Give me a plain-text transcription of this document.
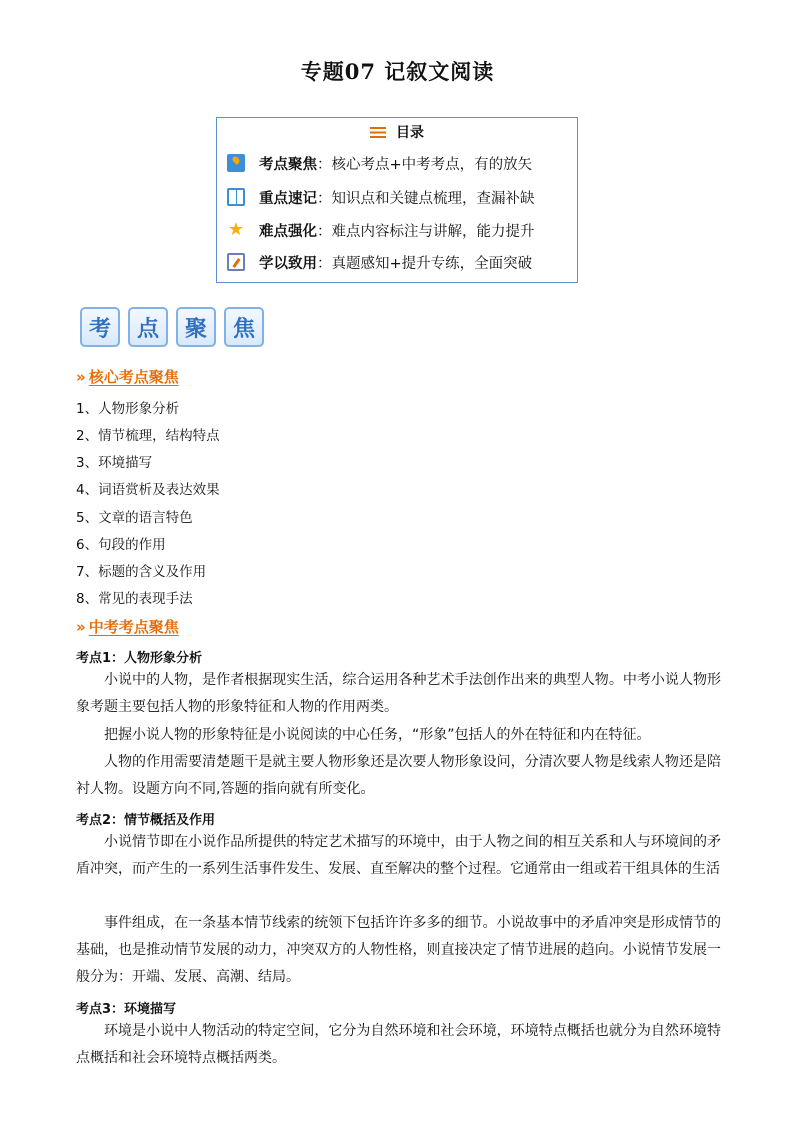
专题07 记叙文阅读
目录
考点聚焦 ： 核心考点+中考考点，有的放矢
重点速记 ： 知识点和关键点梳理，查漏补缺
★ 难点强化 ： 难点内容标注与讲解，能力提升
学以致用 ： 真题感知+提升专练，全面突破
考	点	聚	焦
» 核心考点聚焦
1、人物形象分析
2、情节梳理，结构特点
3、环境描写
4、词语赏析及表达效果
5、文章的语言特色
6、句段的作用
7、标题的含义及作用
8、常见的表现手法
» 中考考点聚焦
考点1：人物形象分析
小说中的人物，是作者根据现实生活，综合运用各种艺术手法创作出来的典型人物。中考小说人物形象考题主要包括人物的形象特征和人物的作用两类。
把握小说人物的形象特征是小说阅读的中心任务，“形象”包括人的外在特征和内在特征。
人物的作用需要清楚题干是就主要人物形象还是次要人物形象设问，分清次要人物是线索人物还是陪衬人物。设题方向不同,答题的指向就有所变化。
考点2：情节概括及作用
小说情节即在小说作品所提供的特定艺术描写的环境中，由于人物之间的相互关系和人与环境间的矛盾冲突，而产生的一系列生活事件发生、发展、直至解决的整个过程。它通常由一组或若干组具体的生活
事件组成，在一条基本情节线索的统领下包括许许多多的细节。小说故事中的矛盾冲突是形成情节的基础，也是推动情节发展的动力，冲突双方的人物性格，则直接决定了情节进展的趋向。小说情节发展一般分为：开端、发展、高潮、结局。
考点3：环境描写
环境是小说中人物活动的特定空间，它分为自然环境和社会环境，环境特点概括也就分为自然环境特点概括和社会环境特点概括两类。
